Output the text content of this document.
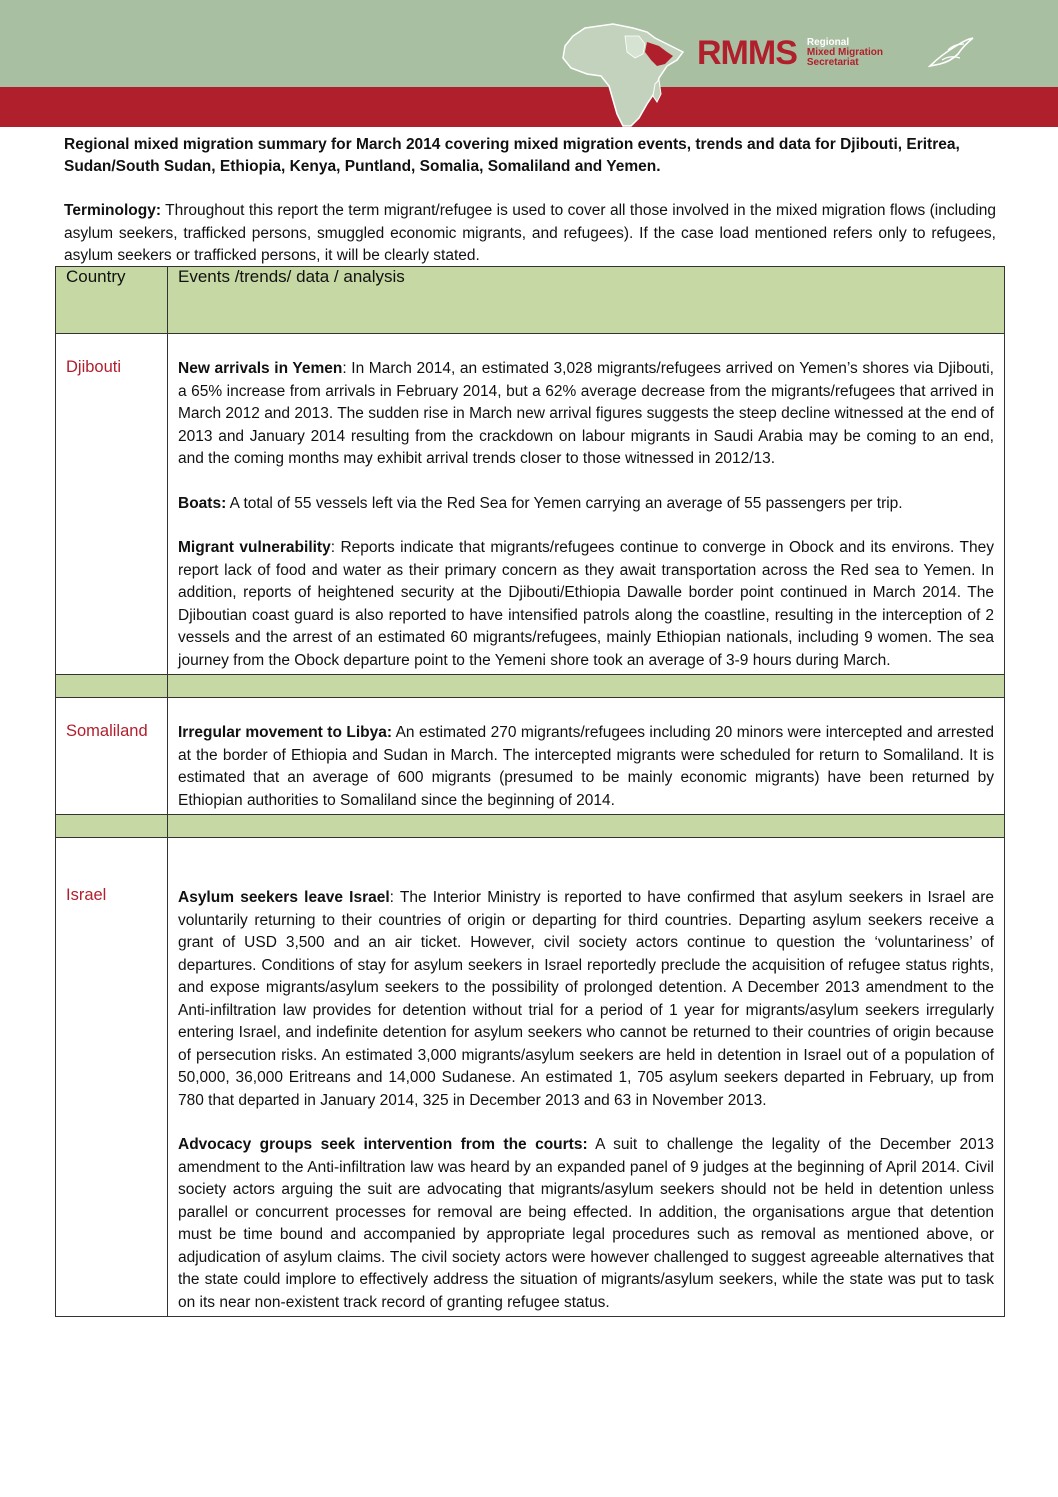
RMMS Regional
Mixed Migration
Secretariat
Regional mixed migration summary for March 2014 covering mixed migration events, trends and data for Djibouti, Eritrea, Sudan/South Sudan, Ethiopia, Kenya, Puntland, Somalia, Somaliland and Yemen.
Terminology: Throughout this report the term migrant/refugee is used to cover all those involved in the mixed migration flows (including asylum seekers, trafficked persons, smuggled economic migrants, and refugees). If the case load mentioned refers only to refugees, asylum seekers or trafficked persons, it will be clearly stated.
Country	Events /trends/ data / analysis
Djibouti	New arrivals in Yemen: In March 2014, an estimated 3,028 migrants/refugees arrived on Yemen’s shores via Djibouti, a 65% increase from arrivals in February 2014, but a 62% average decrease from the migrants/refugees that arrived in March 2012 and 2013. The sudden rise in March new arrival figures suggests the steep decline witnessed at the end of 2013 and January 2014 resulting from the crackdown on labour migrants in Saudi Arabia may be coming to an end, and the coming months may exhibit arrival trends closer to those witnessed in 2012/13.

Boats: A total of 55 vessels left via the Red Sea for Yemen carrying an average of 55 passengers per trip.

Migrant vulnerability: Reports indicate that migrants/refugees continue to converge in Obock and its environs. They report lack of food and water as their primary concern as they await transportation across the Red sea to Yemen. In addition, reports of heightened security at the Djibouti/Ethiopia Dawalle border point continued in March 2014. The Djiboutian coast guard is also reported to have intensified patrols along the coastline, resulting in the interception of 2 vessels and the arrest of an estimated 60 migrants/refugees, mainly Ethiopian nationals, including 9 women. The sea journey from the Obock departure point to the Yemeni shore took an average of 3-9 hours during March.

Somaliland	Irregular movement to Libya: An estimated 270 migrants/refugees including 20 minors were intercepted and arrested at the border of Ethiopia and Sudan in March. The intercepted migrants were scheduled for return to Somaliland. It is estimated that an average of 600 migrants (presumed to be mainly economic migrants) have been returned by Ethiopian authorities to Somaliland since the beginning of 2014.

Israel	Asylum seekers leave Israel: The Interior Ministry is reported to have confirmed that asylum seekers in Israel are voluntarily returning to their countries of origin or departing for third countries. Departing asylum seekers receive a grant of USD 3,500 and an air ticket. However, civil society actors continue to question the ‘voluntariness’ of departures. Conditions of stay for asylum seekers in Israel reportedly preclude the acquisition of refugee status rights, and expose migrants/asylum seekers to the possibility of prolonged detention. A December 2013 amendment to the Anti-infiltration law provides for detention without trial for a period of 1 year for migrants/asylum seekers irregularly entering Israel, and indefinite detention for asylum seekers who cannot be returned to their countries of origin because of persecution risks. An estimated 3,000 migrants/asylum seekers are held in detention in Israel out of a population of 50,000, 36,000 Eritreans and 14,000 Sudanese. An estimated 1, 705 asylum seekers departed in February, up from 780 that departed in January 2014, 325 in December 2013 and 63 in November 2013.

Advocacy groups seek intervention from the courts: A suit to challenge the legality of the December 2013 amendment to the Anti-infiltration law was heard by an expanded panel of 9 judges at the beginning of April 2014. Civil society actors arguing the suit are advocating that migrants/asylum seekers should not be held in detention unless parallel or concurrent processes for removal are being effected. In addition, the organisations argue that detention must be time bound and accompanied by appropriate legal procedures such as removal as mentioned above, or adjudication of asylum claims. The civil society actors were however challenged to suggest agreeable alternatives that the state could implore to effectively address the situation of migrants/asylum seekers, while the state was put to task on its near non-existent track record of granting refugee status.
